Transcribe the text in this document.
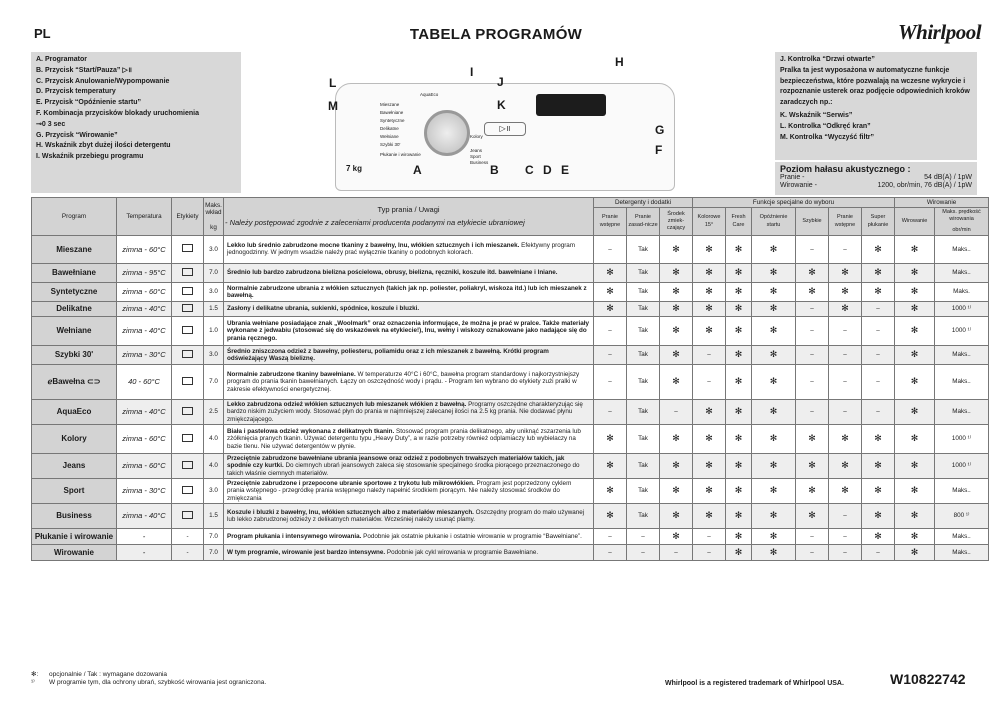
PL	TABELA PROGRAMÓW	Whirlpool
A. Programator
B. Przycisk “Start/Pauza” ▷॥
C. Przycisk Anulowanie/Wypompowanie
D. Przycisk temperatury
E. Przycisk “Opóźnienie startu”
F. Kombinacja przycisków blokady uruchomienia
⊸0 3 sec
G. Przycisk “Wirowanie”
H. Wskaźnik zbyt dużej ilości detergentu
I. Wskaźnik przebiegu programu
J. Kontrolka “Drzwi otwarte”
Pralka ta jest wyposażona w automatyczne funkcje bezpieczeństwa, które pozwalają na wczesne wykrycie i rozpoznanie usterek oraz podjęcie odpowiednich kroków zaradczych np.:
K. Wskaźnik “Serwis”
L. Kontrolka “Odkręć kran”
M. Kontrolka “Wyczyść filtr”
Poziom hałasu akustycznego :
Pranie -	54 dB(A) / 1pW
Wirowanie -	1200, obr/min, 76 dB(A) / 1pW
Mieszane
Bawełniane
Syntetyczne
Delikatne
Wełniane
Szybki 30'
Płukanie i wirowanie
Kolory
Jeans
Sport
Business
AquaEco
▷॥
7 kg
H
I
J
K
L
M
G
F
A	B C D E
Program	Temperatura	Etykiety	Maks. wkład

kg	Typ prania / Uwagi
- Należy postępować zgodnie z zaleceniami producenta podanymi na etykiecie ubraniowej	Detergenty i dodatki			Funkcje specjalne do wyboru						Wirowanie	
					Pranie wstępne	Pranie zasad-nicze	Środek zmiek-czający	Kolorowe 15°	Fresh Care	Opóźnienie startu	Szybkie	Pranie wstępne	Super płukanie	Wirowanie	Maks. prędkość wirowania
obr/min

Mieszane	zimna - 60°C		3.0	Lekko lub średnio zabrudzone mocne tkaniny z bawełny, lnu, włókien sztucznych i ich mieszanek. Efektywny program jednogodzinny. W jednym wsadzie należy prać wyłącznie tkaniny o podobnych kolorach.	–	Tak	✻	✻	✻	✻	–	–	✻	✻	Maks..
Bawełniane	zimna - 95°C		7.0	Średnio lub bardzo zabrudzona bielizna pościelowa, obrusy, bielizna, ręczniki, koszule itd. bawełniane i lniane.	✻	Tak	✻	✻	✻	✻	✻	✻	✻	✻	Maks..
Syntetyczne	zimna - 60°C		3.0	Normalnie zabrudzone ubrania z włókien sztucznych (takich jak np. poliester, poliakryl, wiskoza itd.) lub ich mieszanek z bawełną.	✻	Tak	✻	✻	✻	✻	✻	✻	✻	✻	Maks.
Delikatne	zimna - 40°C		1.5	Zasłony i delikatne ubrania, sukienki, spódnice, koszule i bluzki.	✻	Tak	✻	✻	✻	✻	–	✻	–	✻	1000 ¹⁾
Wełniane	zimna - 40°C		1.0	Ubrania wełniane posiadające znak „Woolmark” oraz oznaczenia informujące, że można je prać w pralce. Także materiały wykonane z jedwabiu (stosować się do wskazówek na etykiecie!), lnu, wełny i wiskozy oznakowane jako nadające się do prania ręcznego.	–	Tak	✻	✻	✻	✻	–	–	–	✻	1000 ¹⁾
Szybki 30'	zimna - 30°C		3.0	Średnio zniszczona odzież z bawełny, poliesteru, poliamidu oraz z ich mieszanek z bawełną. Krótki program odświeżający Waszą bieliznę.	–	Tak	✻	–	✻	✻	–	–	–	✻	Maks..
ℯBawełna ⊂⊃	40 - 60°C		7.0	Normalnie zabrudzone tkaniny bawełniane. W temperaturze 40°C i 60°C, bawełna program standardowy i najkorzystniejszy program do prania tkanin bawełnianych. Łączy on oszczędność wody i prądu. - Program ten wybrano do etykiety zużi pralki w zakresie efektywności energetycznej.	–	Tak	✻	–	✻	✻	–	–	–	✻	Maks..
AquaEco	zimna - 40°C		2.5	Lekko zabrudzona odzież włókien sztucznych lub mieszanek włókien z bawełną. Programy oszczędne charakteryzując się bardzo niskim zużyciem wody. Stosować płyn do prania w najmniejszej zalecanej ilości na 2.5 kg prania. Nie dodawać płynu zmiękczającego.	–	Tak	–	✻	✻	✻	–	–	–	✻	Maks..
Kolory	zimna - 60°C		4.0	Biała i pastelowa odzież wykonana z delikatnych tkanin. Stosować program prania delikatnego, aby uniknąć zszarzenia lub zżółknięcia pranych tkanin. Używać detergentu typu „Heavy Duty”, a w razie potrzeby również odplamiaczy lub wybielaczy na bazie tlenu. Nie używać detergentów w płynie.	✻	Tak	✻	✻	✻	✻	✻	✻	✻	✻	1000 ¹⁾
Jeans	zimna - 60°C		4.0	Przeciętnie zabrudzone bawełniane ubrania jeansowe oraz odzież z podobnych trwałszych materiałów takich, jak spodnie czy kurtki. Do ciemnych ubrań jeansowych zaleca się stosowanie specjalnego środka piorącego przeznaczonego do takich właśnie ciemnych materiałów.	✻	Tak	✻	✻	✻	✻	✻	✻	✻	✻	1000 ¹⁾
Sport	zimna - 30°C		3.0	Przeciętnie zabrudzone i przepocone ubranie sportowe z trykotu lub mikrowłókien. Program jest poprzedzony cyklem prania wstępnego - przegródkę prania wstępnego należy napełnić środkiem piorącym. Nie należy stosować środków do zmiękczania	✻	Tak	✻	✻	✻	✻	✻	✻	✻	✻	Maks..
Business	zimna - 40°C		1.5	Koszule i bluzki z bawełny, lnu, włókien sztucznych albo z materiałów mieszanych. Oszczędny program do mało używanej lub lekko zabrudzonej odzieży z delikatnych materiałów. Wcześniej należy usunąć plamy.	✻	Tak	✻	✻	✻	✻	✻	–	✻	✻	800 ¹⁾
Płukanie i wirowanie	-	-	7.0	Program płukania i intensywnego wirowania. Podobnie jak ostatnie płukanie i ostatnie wirowanie w programie “Bawełniane”.	–	–	✻	–	✻	✻	–	–	✻	✻	Maks..
Wirowanie	-	-	7.0	W tym programie, wirowanie jest bardzo intensywne. Podobnie jak cykl wirowania w programie Bawełniane.	–	–	–	–	✻	✻	–	–	–	✻	Maks..
✻: opcjonalnie / Tak : wymagane dozowania
¹⁾ W programie tym, dla ochrony ubrań, szybkość wirowania jest ograniczona.	Whirlpool is a registered trademark of Whirlpool USA.	W10822742
